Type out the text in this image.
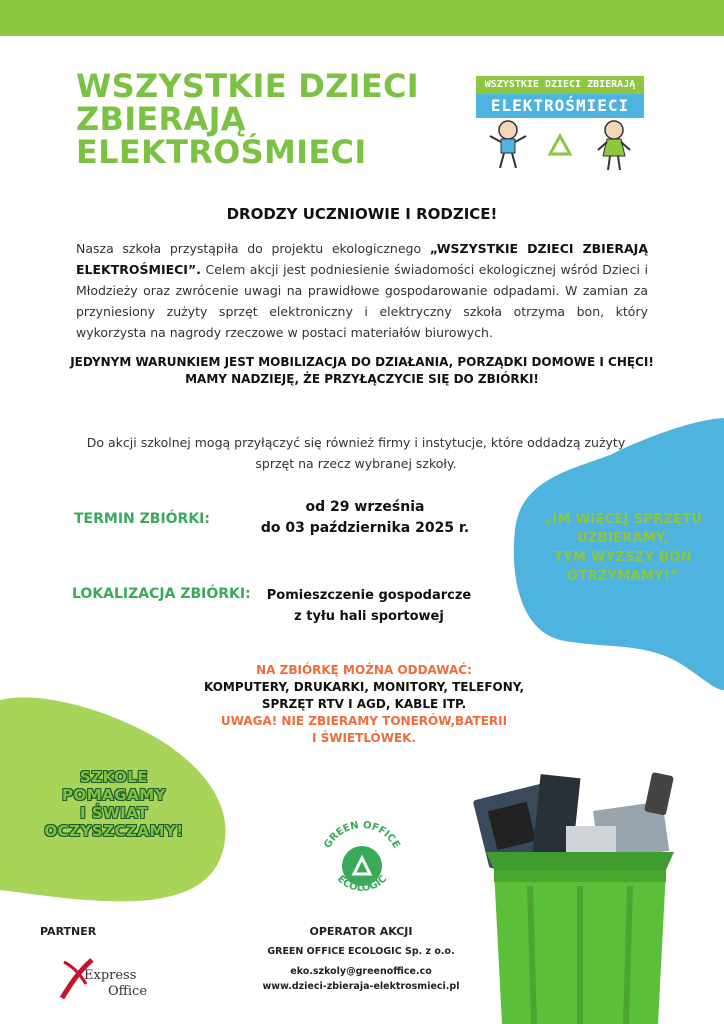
WSZYSTKIE DZIECI
ZBIERAJĄ
ELEKTROŚMIECI
WSZYSTKIE DZIECI ZBIERAJĄ
ELEKTROŚMIECI
DRODZY UCZNIOWIE I RODZICE!
Nasza szkoła przystąpiła do projektu ekologicznego „WSZYSTKIE DZIECI ZBIERAJĄ ELEKTROŚMIECI”. Celem akcji jest podniesienie świadomości ekologicznej wśród Dzieci i Młodzieży oraz zwrócenie uwagi na prawidłowe gospodarowanie odpadami. W zamian za przyniesiony zużyty sprzęt elektroniczny i elektryczny szkoła otrzyma bon, który wykorzysta na nagrody rzeczowe w postaci materiałów biurowych.
JEDYNYM WARUNKIEM JEST MOBILIZACJA DO DZIAŁANIA, PORZĄDKI DOMOWE I CHĘCI!
MAMY NADZIEJĘ, ŻE PRZYŁĄCZYCIE SIĘ DO ZBIÓRKI!
Do akcji szkolnej mogą przyłączyć się również firmy i instytucje, które oddadzą zużyty sprzęt na rzecz wybranej szkoły.
TERMIN ZBIÓRKI:
od 29 września
do 03 października 2025 r.
LOKALIZACJA ZBIÓRKI:	Pomieszczenie gospodarcze
z tyłu hali sportowej
„IM WIĘCEJ SPRZĘTU
UZBIERAMY,
TYM WYŻSZY BON
OTRZYMAMY!”
NA ZBIÓRKĘ MOŻNA ODDAWAĆ:
KOMPUTERY, DRUKARKI, MONITORY, TELEFONY,
SPRZĘT RTV I AGD, KABLE ITP.
UWAGA! NIE ZBIERAMY TONERÓW,BATERII
I ŚWIETLÓWEK.
SZKOLE
POMAGAMY
I ŚWIAT
OCZYSZCZAMY!
PARTNER
Express
Office
GREEN OFFICE
ECOLOGIC
OPERATOR AKCJI
GREEN OFFICE ECOLOGIC Sp. z o.o.
eko.szkoly@greenoffice.co
www.dzieci-zbieraja-elektrosmieci.pl
